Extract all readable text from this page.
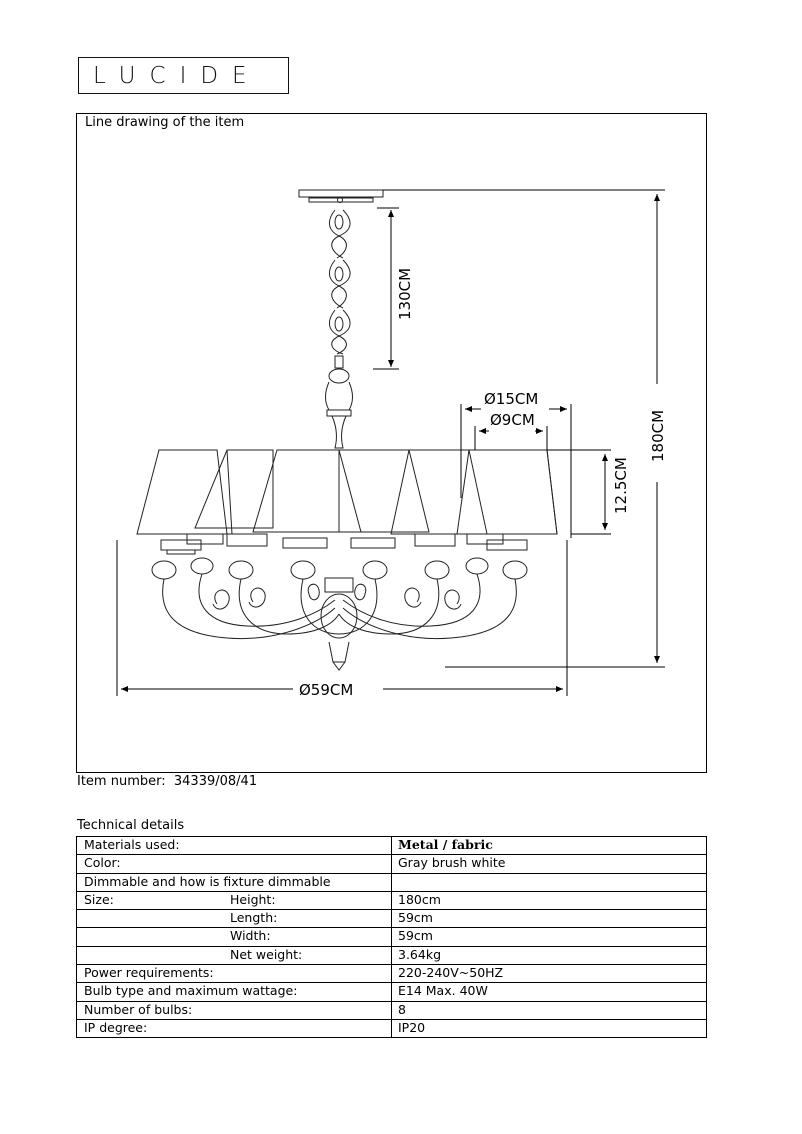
LUCIDE
Line drawing of the item
130CM
180CM
Ø15CM
Ø9CM
12.5CM
Ø59CM
Item number: 34339/08/41
Technical details
Materials used:	Metal / fabric
Color:	Gray brush white
Dimmable and how is fixture dimmable	
Size: Height:	180cm
Length:	59cm
Width:	59cm
Net weight:	3.64kg
Power requirements:	220-240V~50HZ
Bulb type and maximum wattage:	E14 Max. 40W
Number of bulbs:	8
IP degree:	IP20
